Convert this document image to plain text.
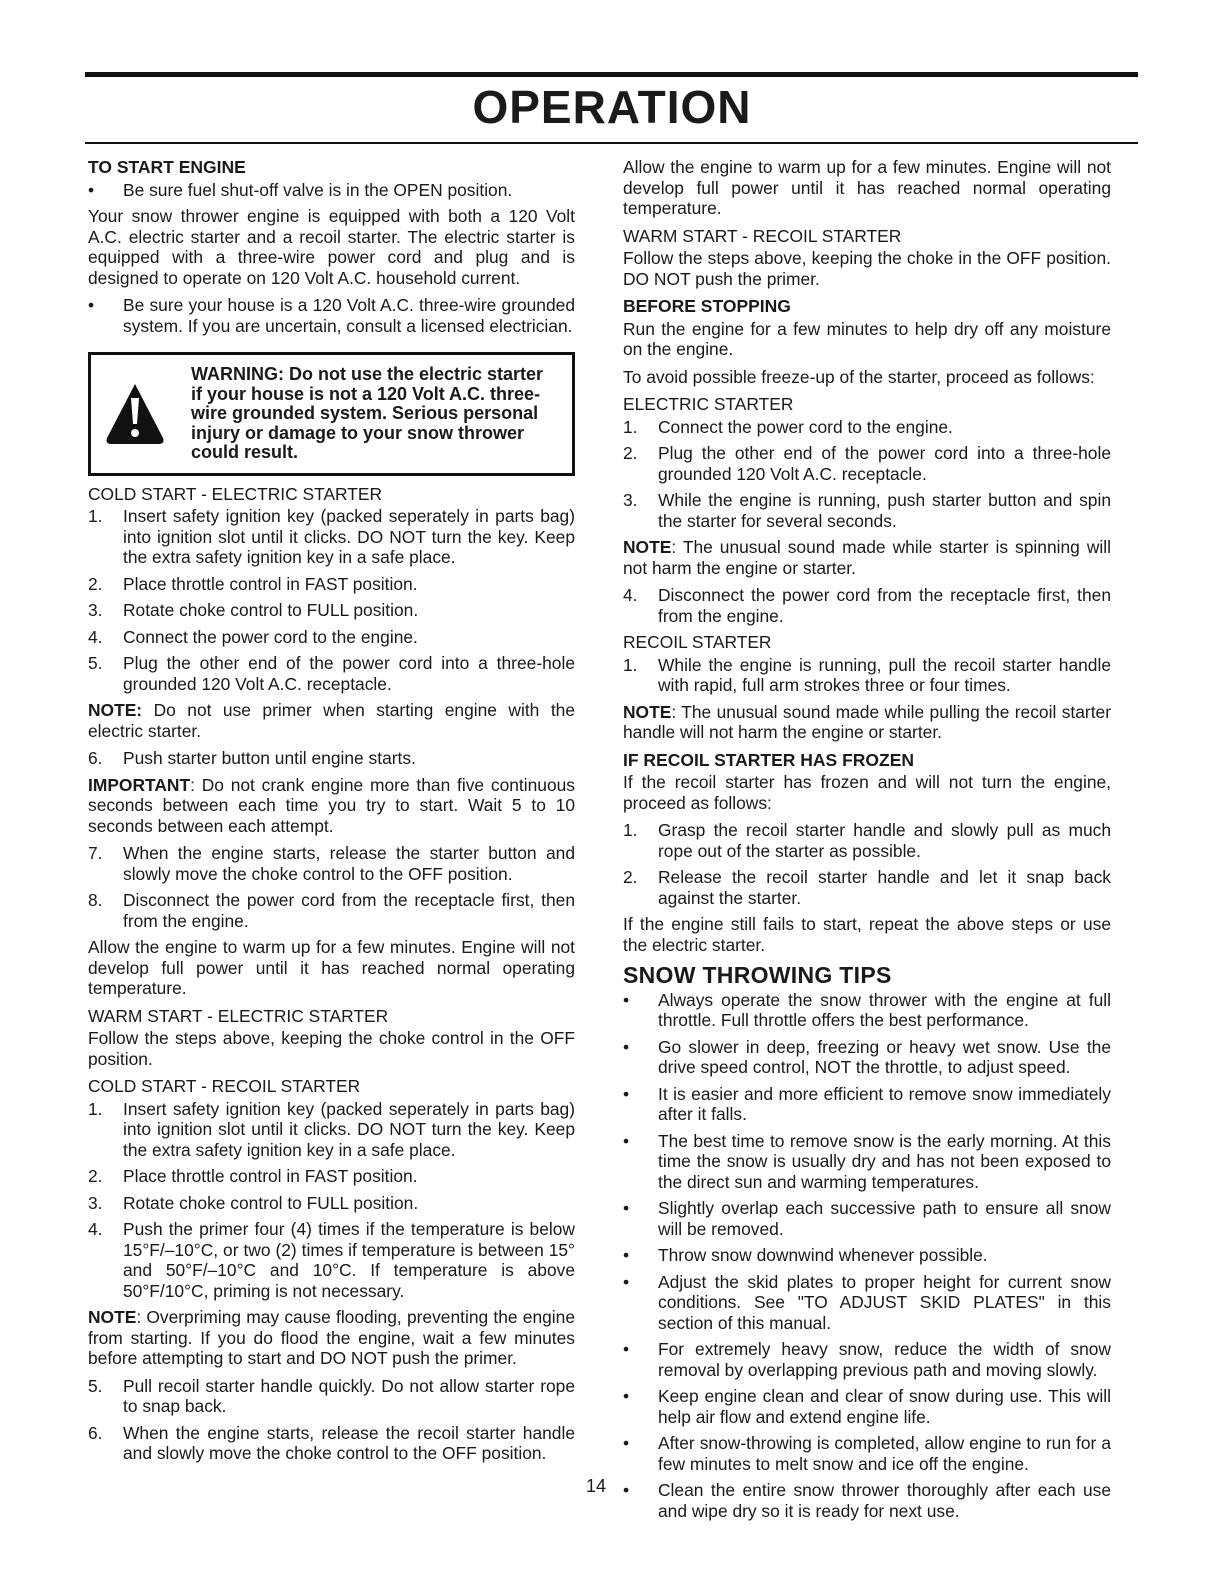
OPERATION
TO START ENGINE
• Be sure fuel shut-off valve is in the OPEN position.

Your snow thrower engine is equipped with both a 120 Volt A.C. electric starter and a recoil starter. The electric starter is equipped with a three-wire power cord and plug and is designed to operate on 120 Volt A.C. household current.

• Be sure your house is a 120 Volt A.C. three-wire grounded system. If you are uncertain, consult a licensed electrician.
WARNING: Do not use the electric starter if your house is not a 120 Volt A.C. three-wire grounded system. Serious personal injury or damage to your snow thrower could result.
COLD START - ELECTRIC STARTER
1. Insert safety ignition key (packed seperately in parts bag) into ignition slot until it clicks. DO NOT turn the key. Keep the extra safety ignition key in a safe place.
2. Place throttle control in FAST position.
3. Rotate choke control to FULL position.
4. Connect the power cord to the engine.
5. Plug the other end of the power cord into a three-hole grounded 120 Volt A.C. receptacle.

NOTE: Do not use primer when starting engine with the electric starter.

6. Push starter button until engine starts.

IMPORTANT: Do not crank engine more than five continuous seconds between each time you try to start. Wait 5 to 10 seconds between each attempt.

7. When the engine starts, release the starter button and slowly move the choke control to the OFF position.
8. Disconnect the power cord from the receptacle first, then from the engine.

Allow the engine to warm up for a few minutes. Engine will not develop full power until it has reached normal operating temperature.

WARM START - ELECTRIC STARTER

Follow the steps above, keeping the choke control in the OFF position.

COLD START - RECOIL STARTER
1. Insert safety ignition key (packed seperately in parts bag) into ignition slot until it clicks. DO NOT turn the key. Keep the extra safety ignition key in a safe place.
2. Place throttle control in FAST position.
3. Rotate choke control to FULL position.
4. Push the primer four (4) times if the temperature is below 15°F/–10°C, or two (2) times if temperature is between 15° and 50°F/–10°C and 10°C. If temperature is above 50°F/10°C, priming is not necessary.

NOTE: Overpriming may cause flooding, preventing the engine from starting. If you do flood the engine, wait a few minutes before attempting to start and DO NOT push the primer.

5. Pull recoil starter handle quickly. Do not allow starter rope to snap back.
6. When the engine starts, release the recoil starter handle and slowly move the choke control to the OFF position.

Allow the engine to warm up for a few minutes. Engine will not develop full power until it has reached normal operating temperature.

WARM START - RECOIL STARTER

Follow the steps above, keeping the choke in the OFF position. DO NOT push the primer.

BEFORE STOPPING

Run the engine for a few minutes to help dry off any moisture on the engine.

To avoid possible freeze-up of the starter, proceed as follows:

ELECTRIC STARTER
1. Connect the power cord to the engine.
2. Plug the other end of the power cord into a three-hole grounded 120 Volt A.C. receptacle.
3. While the engine is running, push starter button and spin the starter for several seconds.

NOTE: The unusual sound made while starter is spinning will not harm the engine or starter.

4. Disconnect the power cord from the receptacle first, then from the engine.
RECOIL STARTER
1. While the engine is running, pull the recoil starter handle with rapid, full arm strokes three or four times.

NOTE: The unusual sound made while pulling the recoil starter handle will not harm the engine or starter.

IF RECOIL STARTER HAS FROZEN

If the recoil starter has frozen and will not turn the engine, proceed as follows:

1. Grasp the recoil starter handle and slowly pull as much rope out of the starter as possible.
2. Release the recoil starter handle and let it snap back against the starter.

If the engine still fails to start, repeat the above steps or use the electric starter.

SNOW THROWING TIPS
• Always operate the snow thrower with the engine at full throttle. Full throttle offers the best performance.
• Go slower in deep, freezing or heavy wet snow. Use the drive speed control, NOT the throttle, to adjust speed.
• It is easier and more efficient to remove snow immediately after it falls.
• The best time to remove snow is the early morning. At this time the snow is usually dry and has not been exposed to the direct sun and warming temperatures.
• Slightly overlap each successive path to ensure all snow will be removed.
• Throw snow downwind whenever possible.
• Adjust the skid plates to proper height for current snow conditions. See "TO ADJUST SKID PLATES" in this section of this manual.
• For extremely heavy snow, reduce the width of snow removal by overlapping previous path and moving slowly.
• Keep engine clean and clear of snow during use. This will help air flow and extend engine life.
• After snow-throwing is completed, allow engine to run for a few minutes to melt snow and ice off the engine.
• Clean the entire snow thrower thoroughly after each use and wipe dry so it is ready for next use.
14
